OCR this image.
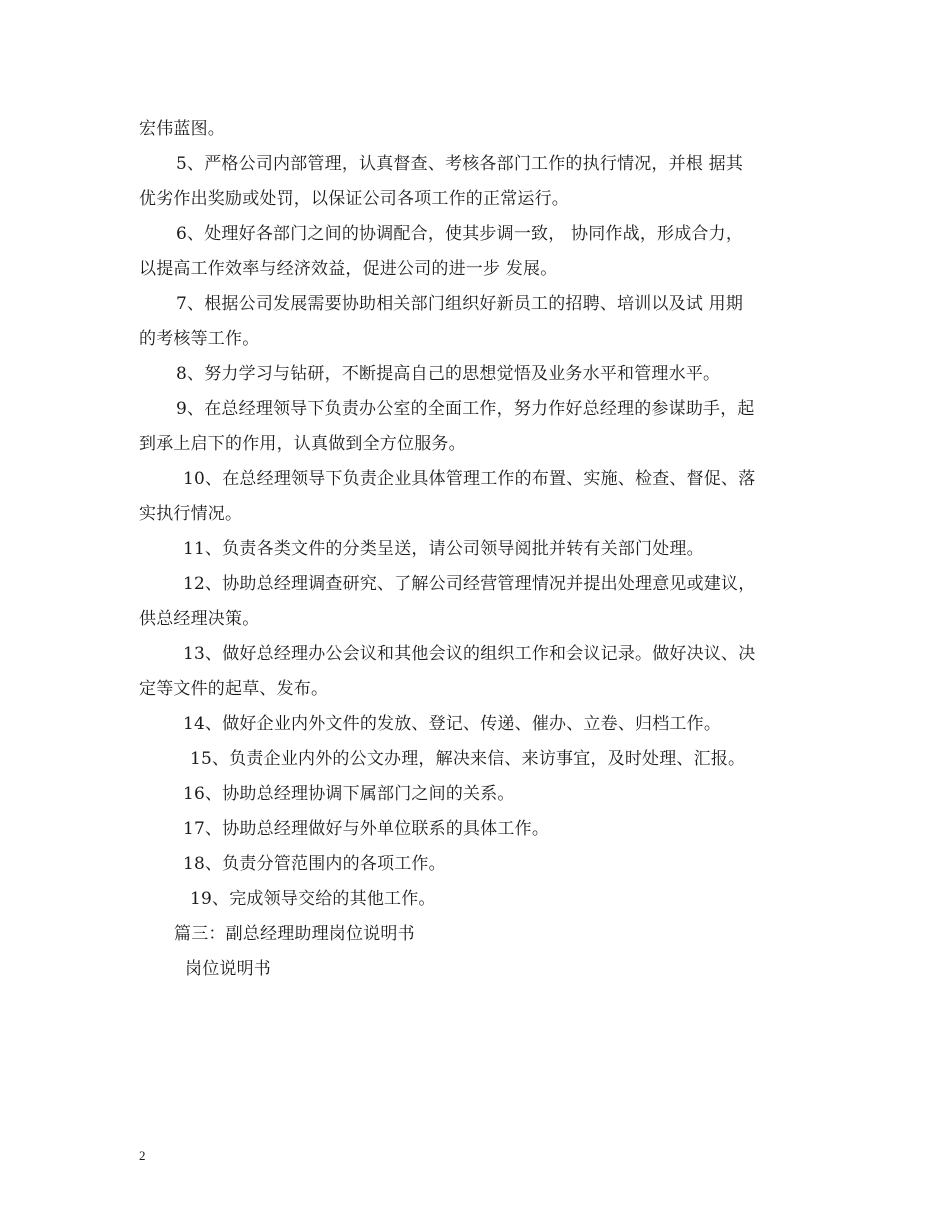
宏伟蓝图。
5、严格公司内部管理，认真督查、考核各部门工作的执行情况，并根 据其
优劣作出奖励或处罚，以保证公司各项工作的正常运行。
6、处理好各部门之间的协调配合，使其步调一致， 协同作战，形成合力，
以提高工作效率与经济效益，促进公司的进一步 发展。
7、根据公司发展需要协助相关部门组织好新员工的招聘、培训以及试 用期
的考核等工作。
8、努力学习与钻研，不断提高自己的思想觉悟及业务水平和管理水平。
9、在总经理领导下负责办公室的全面工作，努力作好总经理的参谋助手，起
到承上启下的作用，认真做到全方位服务。
10、在总经理领导下负责企业具体管理工作的布置、实施、检查、督促、落
实执行情况。
11、负责各类文件的分类呈送，请公司领导阅批并转有关部门处理。
12、协助总经理调查研究、了解公司经营管理情况并提出处理意见或建议，
供总经理决策。
13、做好总经理办公会议和其他会议的组织工作和会议记录。做好决议、决
定等文件的起草、发布。
14、做好企业内外文件的发放、登记、传递、催办、立卷、归档工作。
15、负责企业内外的公文办理，解决来信、来访事宜，及时处理、汇报。
16、协助总经理协调下属部门之间的关系。
17、协助总经理做好与外单位联系的具体工作。
18、负责分管范围内的各项工作。
19、完成领导交给的其他工作。
篇三：副总经理助理岗位说明书
岗位说明书
2
